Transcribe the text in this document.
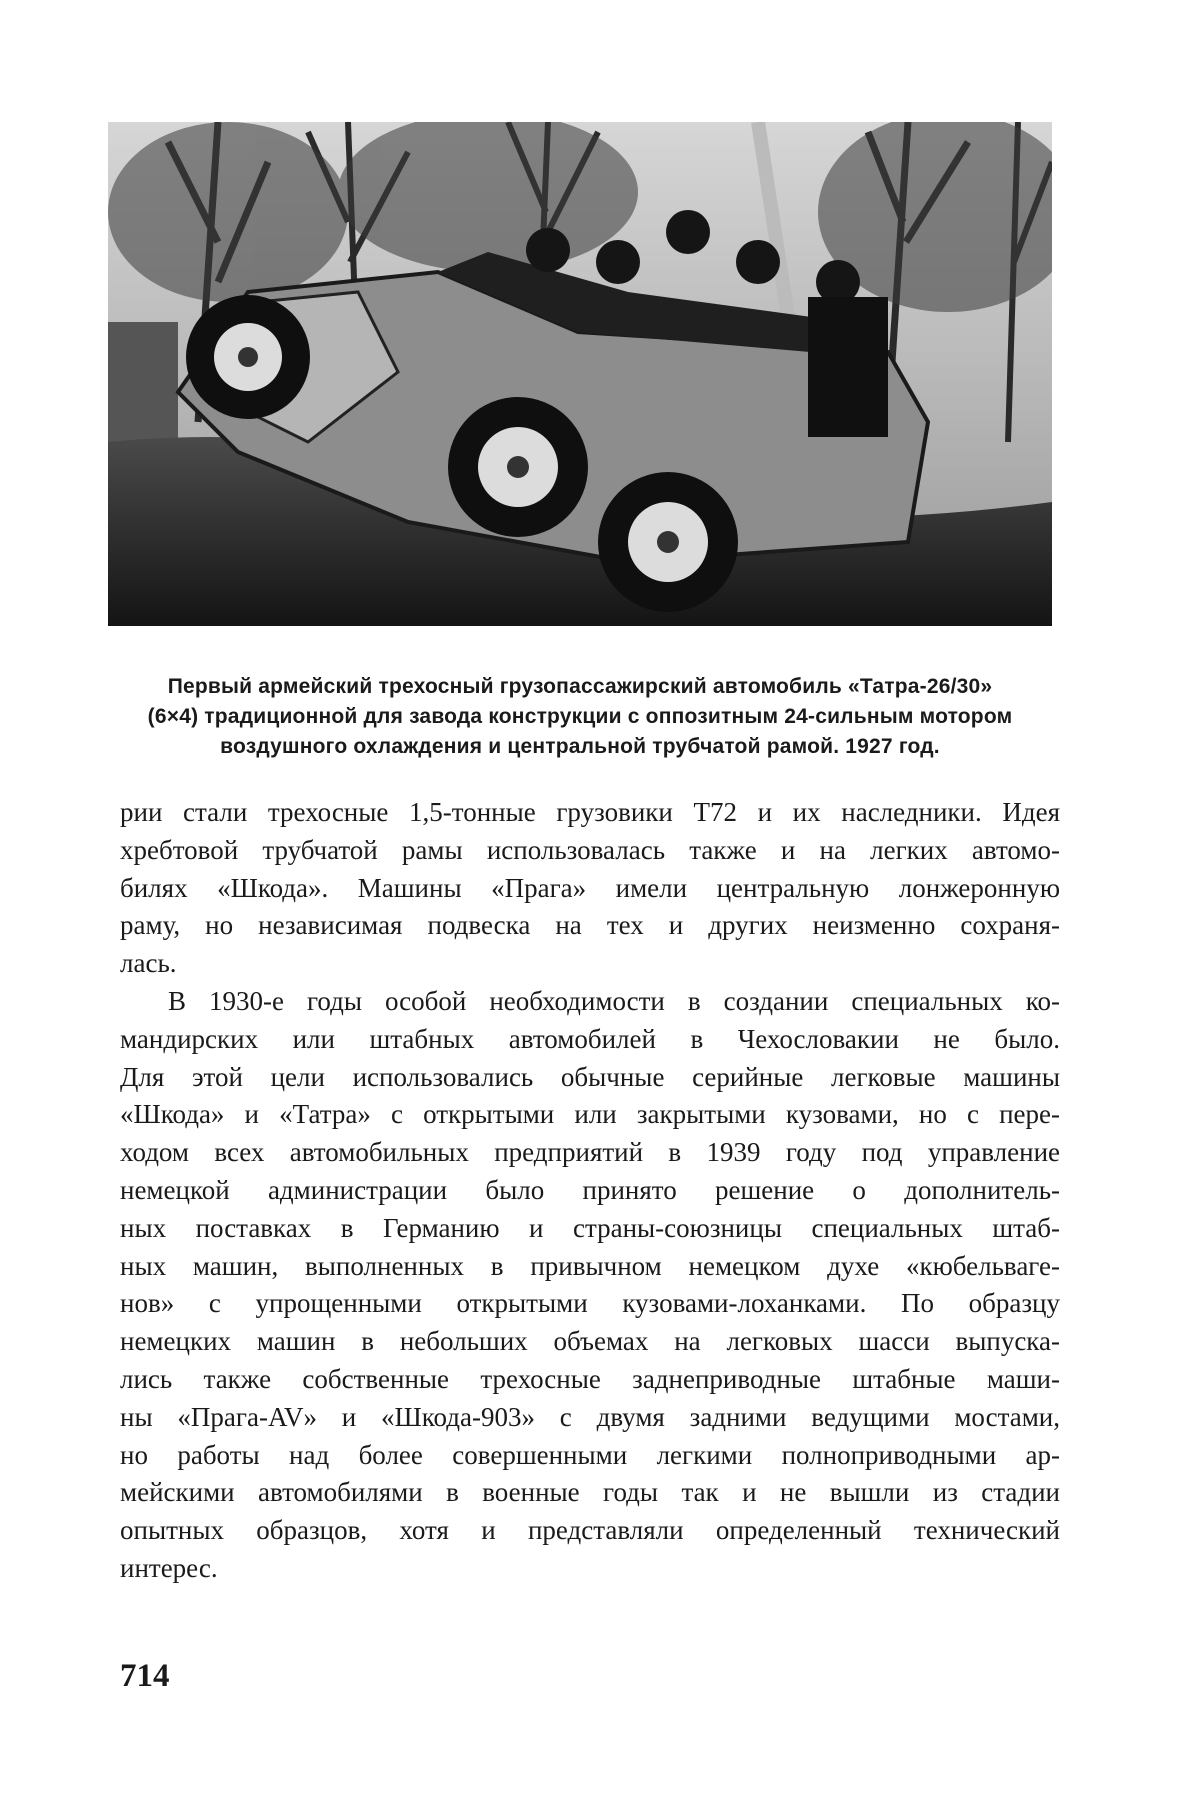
Первый армейский трехосный грузопассажирский автомобиль «Татра-26/30»
(6×4) традиционной для завода конструкции с оппозитным 24-сильным мотором
воздушного охлаждения и центральной трубчатой рамой. 1927 год.
рии стали трехосные 1,5-тонные грузовики Т72 и их наследники. Идея
хребтовой трубчатой рамы использовалась также и на легких автомо-
билях «Шкода». Машины «Прага» имели центральную лонжеронную
раму, но независимая подвеска на тех и других неизменно сохраня-
лась.
В 1930-е годы особой необходимости в создании специальных ко-
мандирских или штабных автомобилей в Чехословакии не было.
Для этой цели использовались обычные серийные легковые машины
«Шкода» и «Татра» с открытыми или закрытыми кузовами, но с пере-
ходом всех автомобильных предприятий в 1939 году под управление
немецкой администрации было принято решение о дополнитель-
ных поставках в Германию и страны-союзницы специальных штаб-
ных машин, выполненных в привычном немецком духе «кюбельваге-
нов» с упрощенными открытыми кузовами-лоханками. По образцу
немецких машин в небольших объемах на легковых шасси выпуска-
лись также собственные трехосные заднеприводные штабные маши-
ны «Прага-AV» и «Шкода-903» с двумя задними ведущими мостами,
но работы над более совершенными легкими полноприводными ар-
мейскими автомобилями в военные годы так и не вышли из стадии
опытных образцов, хотя и представляли определенный технический
интерес.
714
